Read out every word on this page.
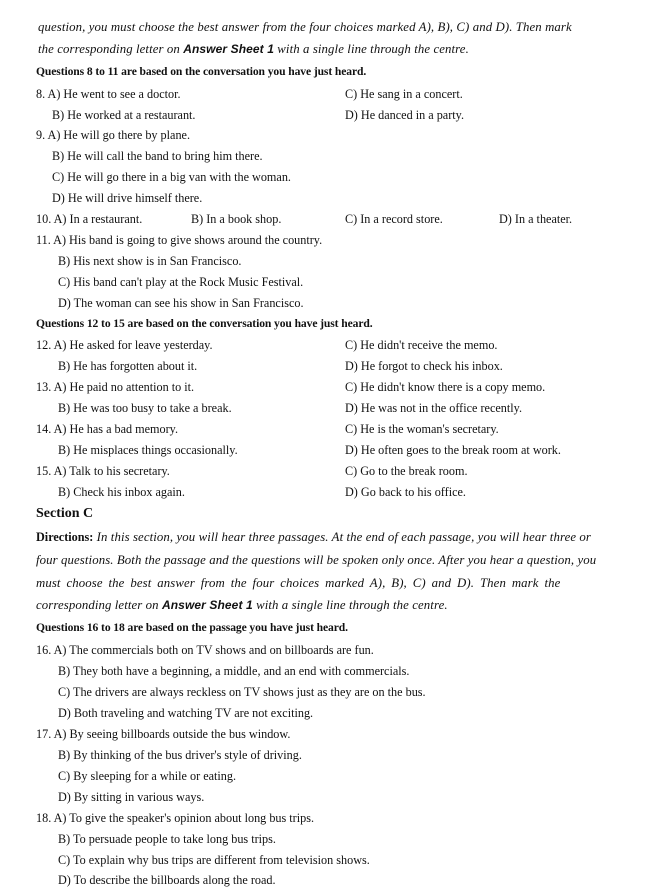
question, you must choose the best answer from the four choices marked A), B), C) and D). Then mark
the corresponding letter on Answer Sheet 1 with a single line through the centre.
Questions 8 to 11 are based on the conversation you have just heard.
8. A) He went to see a doctor.	C) He sang in a concert.
B) He worked at a restaurant.	D) He danced in a party.
9. A) He will go there by plane.
B) He will call the band to bring him there.
C) He will go there in a big van with the woman.
D) He will drive himself there.
10. A) In a restaurant.	B) In a book shop.	C) In a record store.	D) In a theater.
11. A) His band is going to give shows around the country.
B) His next show is in San Francisco.
C) His band can't play at the Rock Music Festival.
D) The woman can see his show in San Francisco.
Questions 12 to 15 are based on the conversation you have just heard.
12. A) He asked for leave yesterday.	C) He didn't receive the memo.
B) He has forgotten about it.	D) He forgot to check his inbox.
13. A) He paid no attention to it.	C) He didn't know there is a copy memo.
B) He was too busy to take a break.	D) He was not in the office recently.
14. A) He has a bad memory.	C) He is the woman's secretary.
B) He misplaces things occasionally.	D) He often goes to the break room at work.
15. A) Talk to his secretary.	C) Go to the break room.
B) Check his inbox again.	D) Go back to his office.
Section C
Directions: In this section, you will hear three passages. At the end of each passage, you will hear three or
four questions. Both the passage and the questions will be spoken only once. After you hear a question, you
must choose the best answer from the four choices marked A), B), C) and D). Then mark the
corresponding letter on Answer Sheet 1 with a single line through the centre.
Questions 16 to 18 are based on the passage you have just heard.
16. A) The commercials both on TV shows and on billboards are fun.
B) They both have a beginning, a middle, and an end with commercials.
C) The drivers are always reckless on TV shows just as they are on the bus.
D) Both traveling and watching TV are not exciting.
17. A) By seeing billboards outside the bus window.
B) By thinking of the bus driver's style of driving.
C) By sleeping for a while or eating.
D) By sitting in various ways.
18. A) To give the speaker's opinion about long bus trips.
B) To persuade people to take long bus trips.
C) To explain why bus trips are different from television shows.
D) To describe the billboards along the road.
